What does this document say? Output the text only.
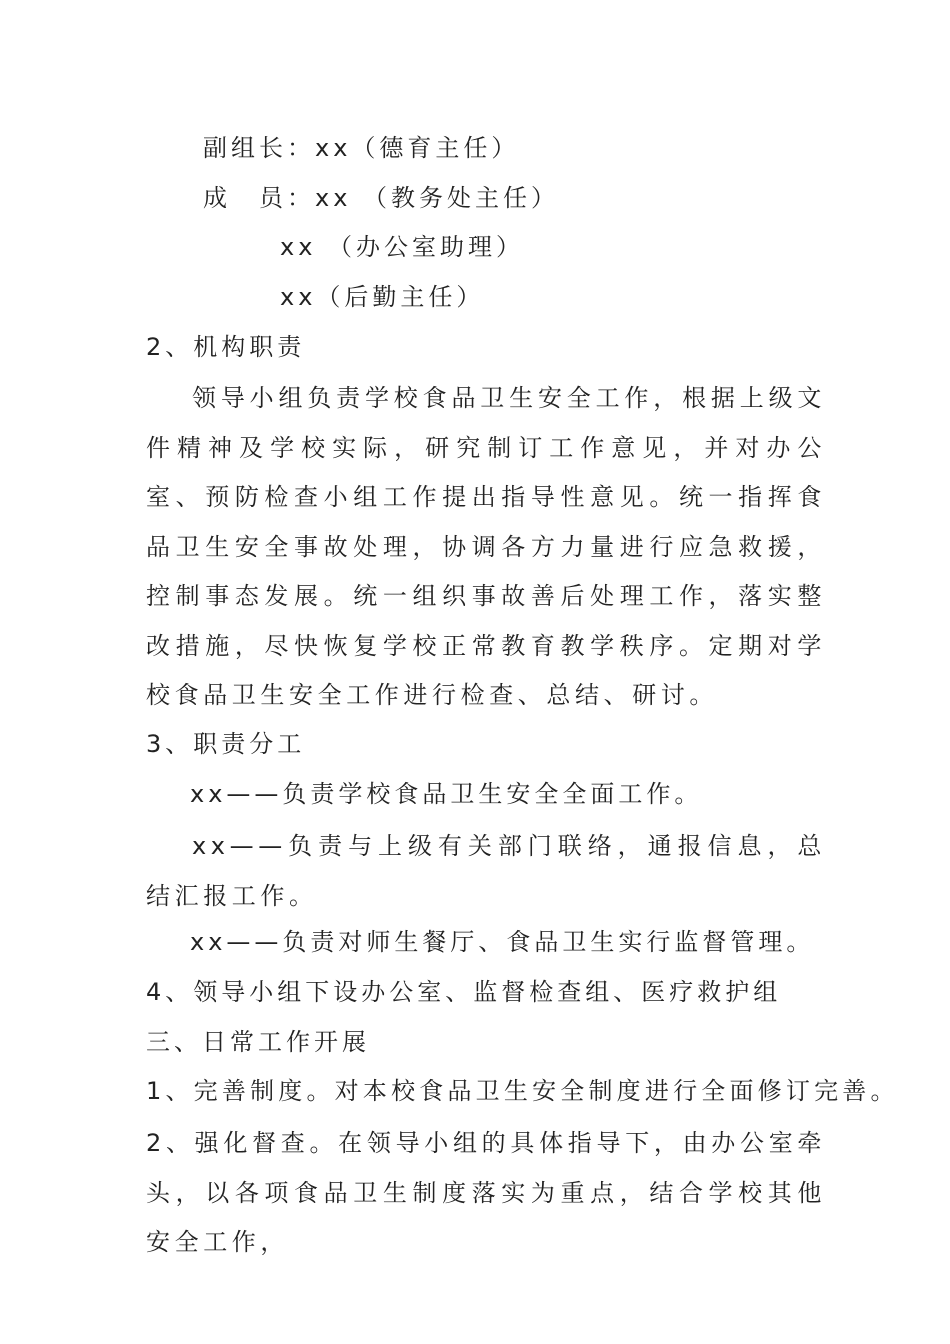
副组长：xx（德育主任）
成　员：xx （教务处主任）
xx （办公室助理）
xx（后勤主任）
2、机构职责
领导小组负责学校食品卫生安全工作，根据上级文件精神及学校实际，研究制订工作意见，并对办公室、预防检查小组工作提出指导性意见。统一指挥食品卫生安全事故处理，协调各方力量进行应急救援，控制事态发展。统一组织事故善后处理工作，落实整改措施，尽快恢复学校正常教育教学秩序。定期对学校食品卫生安全工作进行检查、总结、研讨。
3、职责分工
xx——负责学校食品卫生安全全面工作。
xx——负责与上级有关部门联络，通报信息，总结汇报工作。
xx——负责对师生餐厅、食品卫生实行监督管理。
4、领导小组下设办公室、监督检查组、医疗救护组
三、日常工作开展
1、完善制度。对本校食品卫生安全制度进行全面修订完善。
2、强化督查。在领导小组的具体指导下，由办公室牵头，以各项食品卫生制度落实为重点，结合学校其他安全工作，
